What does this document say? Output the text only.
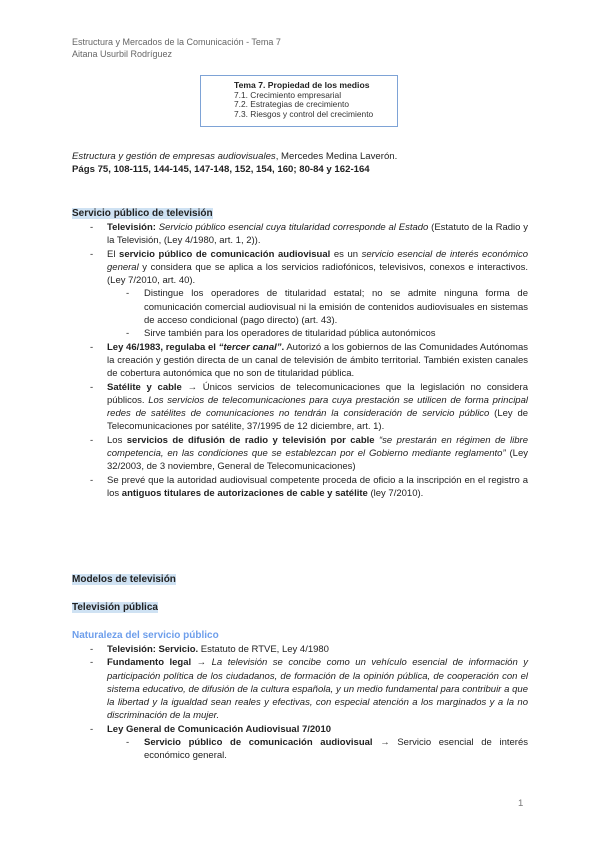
Estructura y Mercados de la Comunicación - Tema 7
Aitana Usurbil Rodríguez
Tema 7. Propiedad de los medios
7.1. Crecimiento empresarial
7.2. Estrategias de crecimiento
7.3. Riesgos y control del crecimiento
Estructura y gestión de empresas audiovisuales, Mercedes Medina Laverón.
Págs 75, 108-115, 144-145, 147-148, 152, 154, 160; 80-84 y 162-164
Servicio público de televisión
- Televisión: Servicio público esencial cuya titularidad corresponde al Estado (Estatuto de la Radio y la Televisión, (Ley 4/1980, art. 1, 2)).
- El servicio público de comunicación audiovisual es un servicio esencial de interés económico general y considera que se aplica a los servicios radiofónicos, televisivos, conexos e interactivos. (Ley 7/2010, art. 40).
- Distingue los operadores de titularidad estatal; no se admite ninguna forma de comunicación comercial audiovisual ni la emisión de contenidos audiovisuales en sistemas de acceso condicional (pago directo) (art. 43).
- Sirve también para los operadores de titularidad pública autonómicos
- Ley 46/1983, regulaba el “tercer canal”. Autorizó a los gobiernos de las Comunidades Autónomas la creación y gestión directa de un canal de televisión de ámbito territorial. También existen canales de cobertura autonómica que no son de titularidad pública.
- Satélite y cable → Únicos servicios de telecomunicaciones que la legislación no considera públicos. Los servicios de telecomunicaciones para cuya prestación se utilicen de forma principal redes de satélites de comunicaciones no tendrán la consideración de servicio público (Ley de Telecomunicaciones por satélite, 37/1995 de 12 diciembre, art. 1).
- Los servicios de difusión de radio y televisión por cable “se prestarán en régimen de libre competencia, en las condiciones que se establezcan por el Gobierno mediante reglamento” (Ley 32/2003, de 3 noviembre, General de Telecomunicaciones)
- Se prevé que la autoridad audiovisual competente proceda de oficio a la inscripción en el registro a los antiguos titulares de autorizaciones de cable y satélite (ley 7/2010).
Modelos de televisión
Televisión pública
Naturaleza del servicio público
- Televisión: Servicio. Estatuto de RTVE, Ley 4/1980
- Fundamento legal → La televisión se concibe como un vehículo esencial de información y participación política de los ciudadanos, de formación de la opinión pública, de cooperación con el sistema educativo, de difusión de la cultura española, y un medio fundamental para contribuir a que la libertad y la igualdad sean reales y efectivas, con especial atención a los marginados y a la no discriminación de la mujer.
- Ley General de Comunicación Audiovisual 7/2010
- Servicio público de comunicación audiovisual → Servicio esencial de interés económico general.
1
